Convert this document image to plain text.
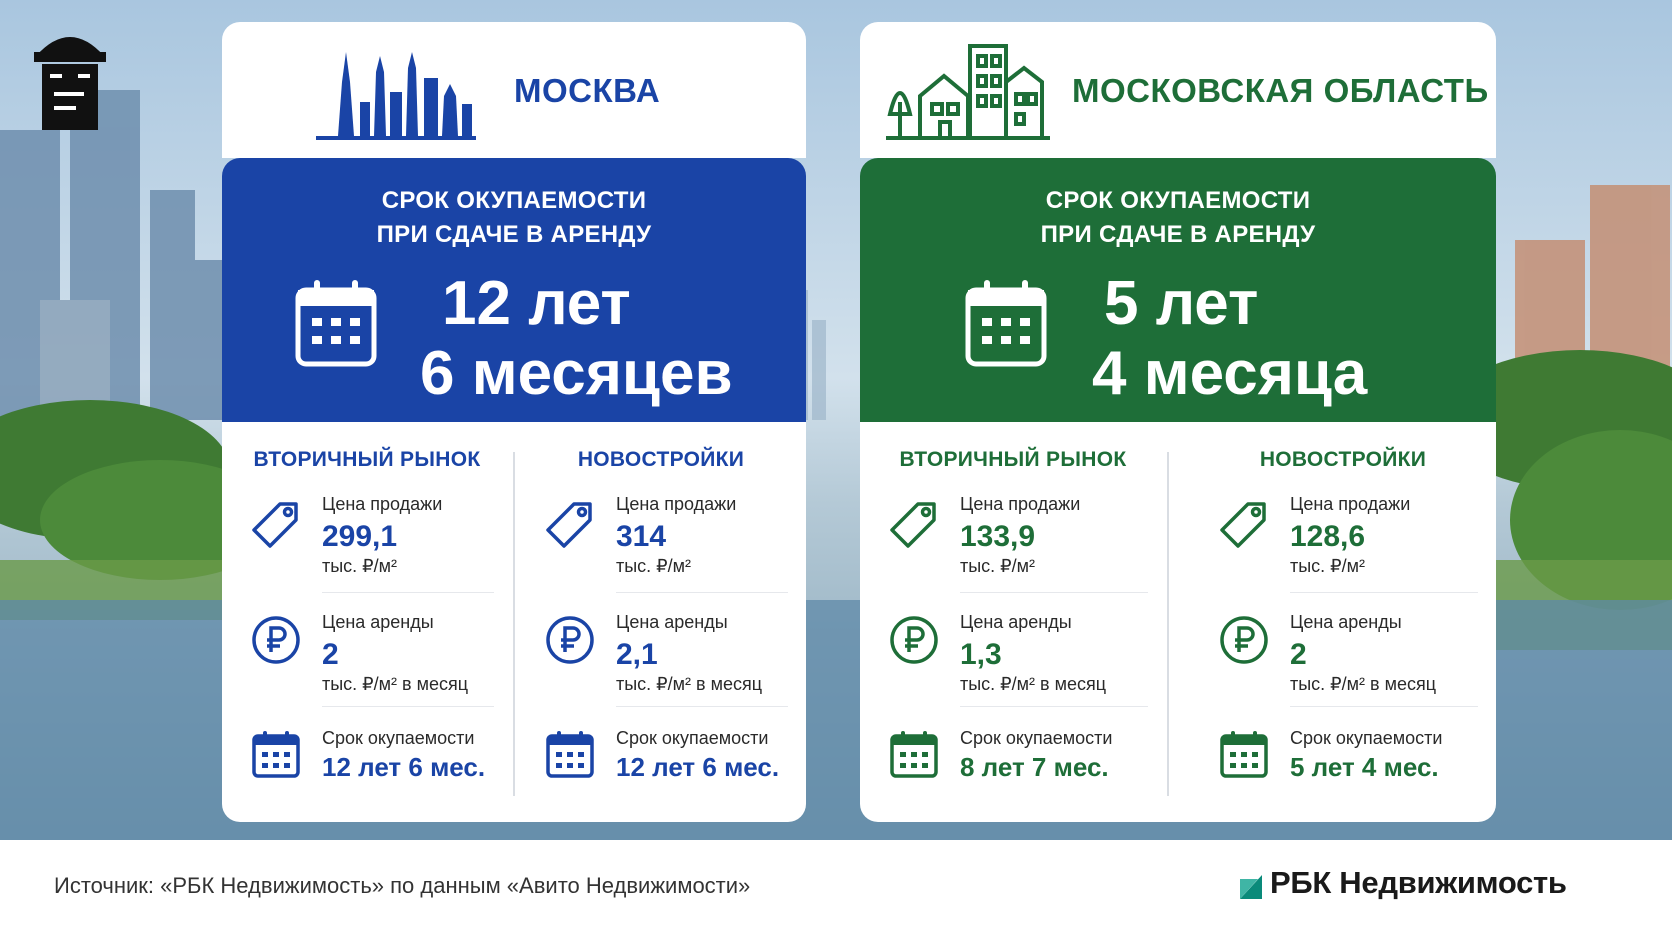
МОСКВА
СРОК ОКУПАЕМОСТИ
ПРИ СДАЧЕ В АРЕНДУ
12 лет
6 месяцев
ВТОРИЧНЫЙ РЫНОК
Цена продажи
299,1
тыс. ₽/м²
Цена аренды
2
тыс. ₽/м² в месяц
Срок окупаемости
12 лет 6 мес.
НОВОСТРОЙКИ
Цена продажи
314
тыс. ₽/м²
Цена аренды
2,1
тыс. ₽/м² в месяц
Срок окупаемости
12 лет 6 мес.
МОСКОВСКАЯ ОБЛАСТЬ
СРОК ОКУПАЕМОСТИ
ПРИ СДАЧЕ В АРЕНДУ
5 лет
4 месяца
ВТОРИЧНЫЙ РЫНОК
Цена продажи
133,9
тыс. ₽/м²
Цена аренды
1,3
тыс. ₽/м² в месяц
Срок окупаемости
8 лет 7 мес.
НОВОСТРОЙКИ
Цена продажи
128,6
тыс. ₽/м²
Цена аренды
2
тыс. ₽/м² в месяц
Срок окупаемости
5 лет 4 мес.
Источник: «РБК Недвижимость» по данным «Авито Недвижимости»	РБК Недвижимость
